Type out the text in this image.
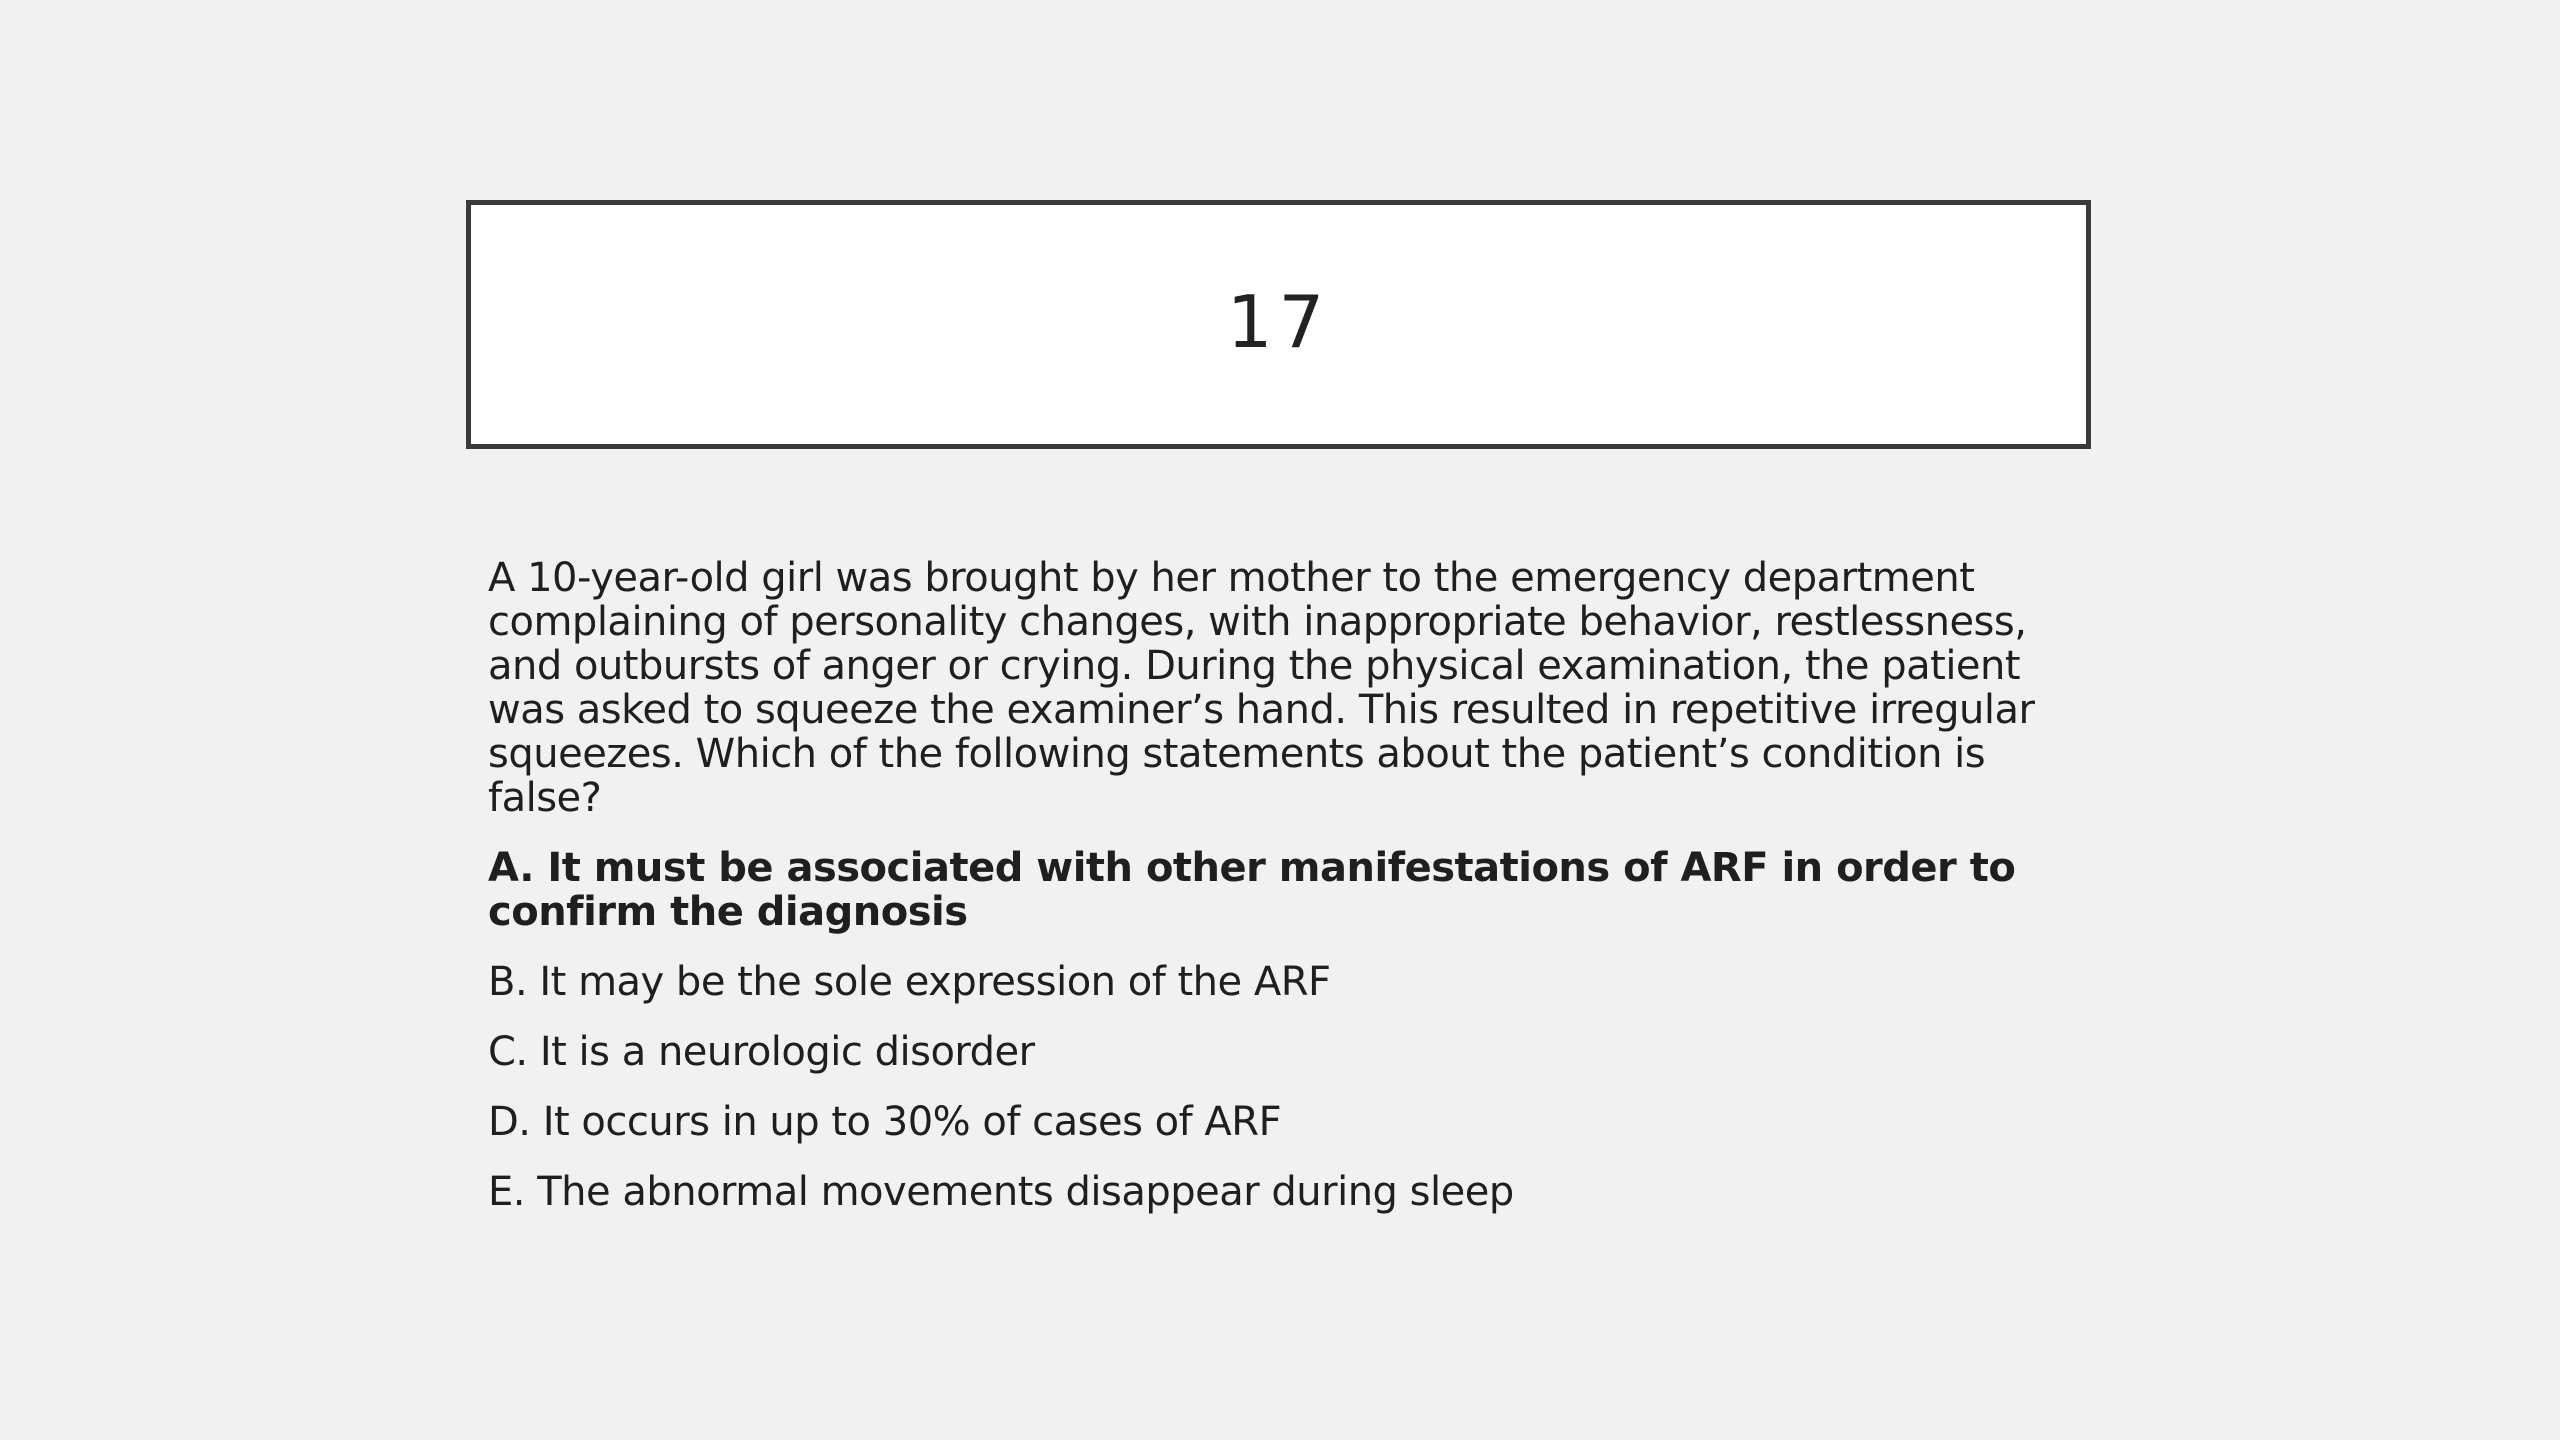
17

A 10-year-old girl was brought by her mother to the emergency department complaining of personality changes, with inappropriate behavior, restlessness, and outbursts of anger or crying. During the physical examination, the patient was asked to squeeze the examiner’s hand. This resulted in repetitive irregular squeezes. Which of the following statements about the patient’s condition is false?

A. It must be associated with other manifestations of ARF in order to confirm the diagnosis

B. It may be the sole expression of the ARF

C. It is a neurologic disorder

D. It occurs in up to 30% of cases of ARF

E. The abnormal movements disappear during sleep
